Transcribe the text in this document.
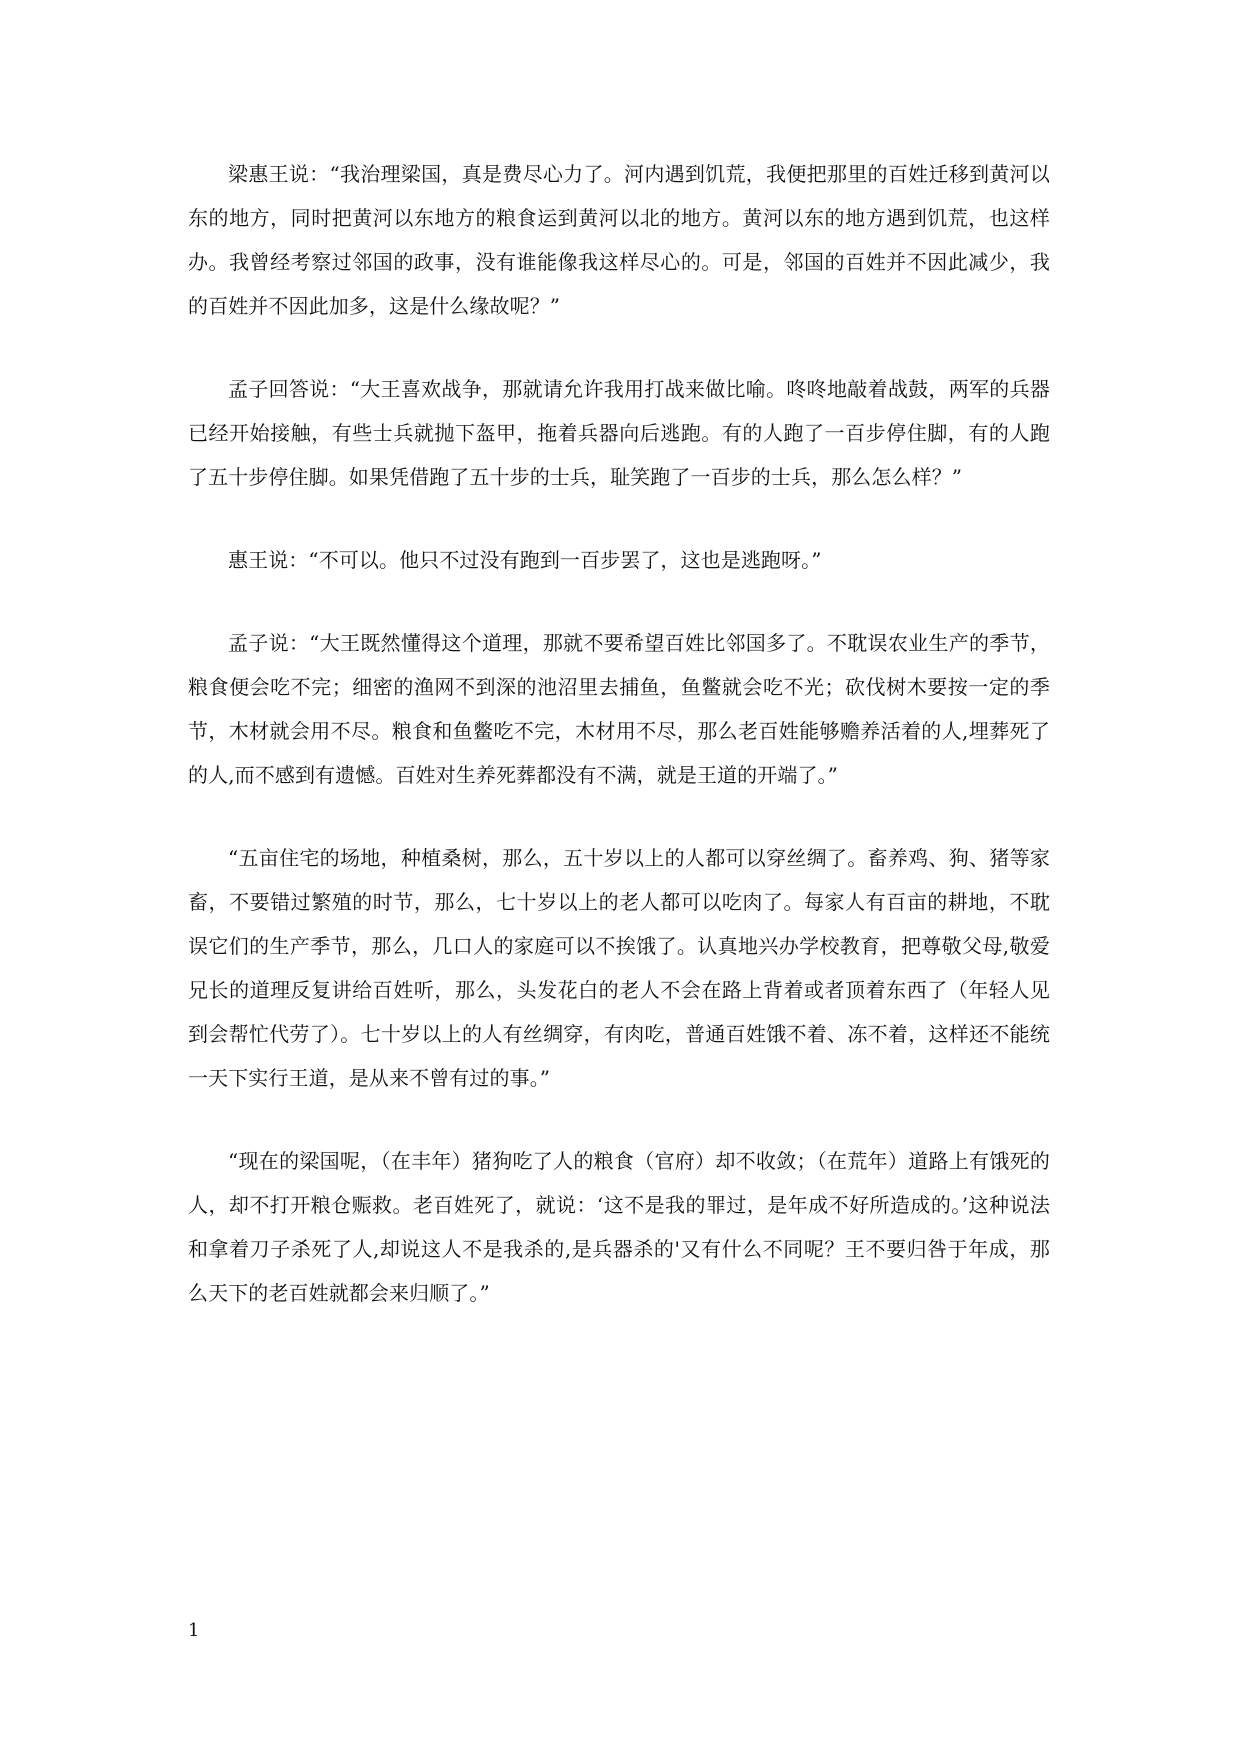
梁惠王说：“我治理梁国，真是费尽心力了。河内遇到饥荒，我便把那里的百姓迁移到黄河以东的地方，同时把黄河以东地方的粮食运到黄河以北的地方。黄河以东的地方遇到饥荒，也这样办。我曾经考察过邻国的政事，没有谁能像我这样尽心的。可是，邻国的百姓并不因此减少，我的百姓并不因此加多，这是什么缘故呢？”

孟子回答说：“大王喜欢战争，那就请允许我用打战来做比喻。咚咚地敲着战鼓，两军的兵器已经开始接触，有些士兵就抛下盔甲，拖着兵器向后逃跑。有的人跑了一百步停住脚，有的人跑了五十步停住脚。如果凭借跑了五十步的士兵，耻笑跑了一百步的士兵，那么怎么样？”

惠王说：“不可以。他只不过没有跑到一百步罢了，这也是逃跑呀。”

孟子说：“大王既然懂得这个道理，那就不要希望百姓比邻国多了。不耽误农业生产的季节，粮食便会吃不完；细密的渔网不到深的池沼里去捕鱼，鱼鳖就会吃不光；砍伐树木要按一定的季节，木材就会用不尽。粮食和鱼鳖吃不完，木材用不尽，那么老百姓能够赡养活着的人,埋葬死了的人,而不感到有遗憾。百姓对生养死葬都没有不满，就是王道的开端了。”

“五亩住宅的场地，种植桑树，那么，五十岁以上的人都可以穿丝绸了。畜养鸡、狗、猪等家畜，不要错过繁殖的时节，那么，七十岁以上的老人都可以吃肉了。每家人有百亩的耕地，不耽误它们的生产季节，那么，几口人的家庭可以不挨饿了。认真地兴办学校教育，把尊敬父母,敬爱兄长的道理反复讲给百姓听，那么，头发花白的老人不会在路上背着或者顶着东西了（年轻人见到会帮忙代劳了）。七十岁以上的人有丝绸穿，有肉吃，普通百姓饿不着、冻不着，这样还不能统一天下实行王道，是从来不曾有过的事。”

“现在的梁国呢，（在丰年）猪狗吃了人的粮食（官府）却不收敛；（在荒年）道路上有饿死的人，却不打开粮仓赈救。老百姓死了，就说：‘这不是我的罪过，是年成不好所造成的。’这种说法和拿着刀子杀死了人,却说这人不是我杀的,是兵器杀的'又有什么不同呢？王不要归咎于年成，那么天下的老百姓就都会来归顺了。”

1
